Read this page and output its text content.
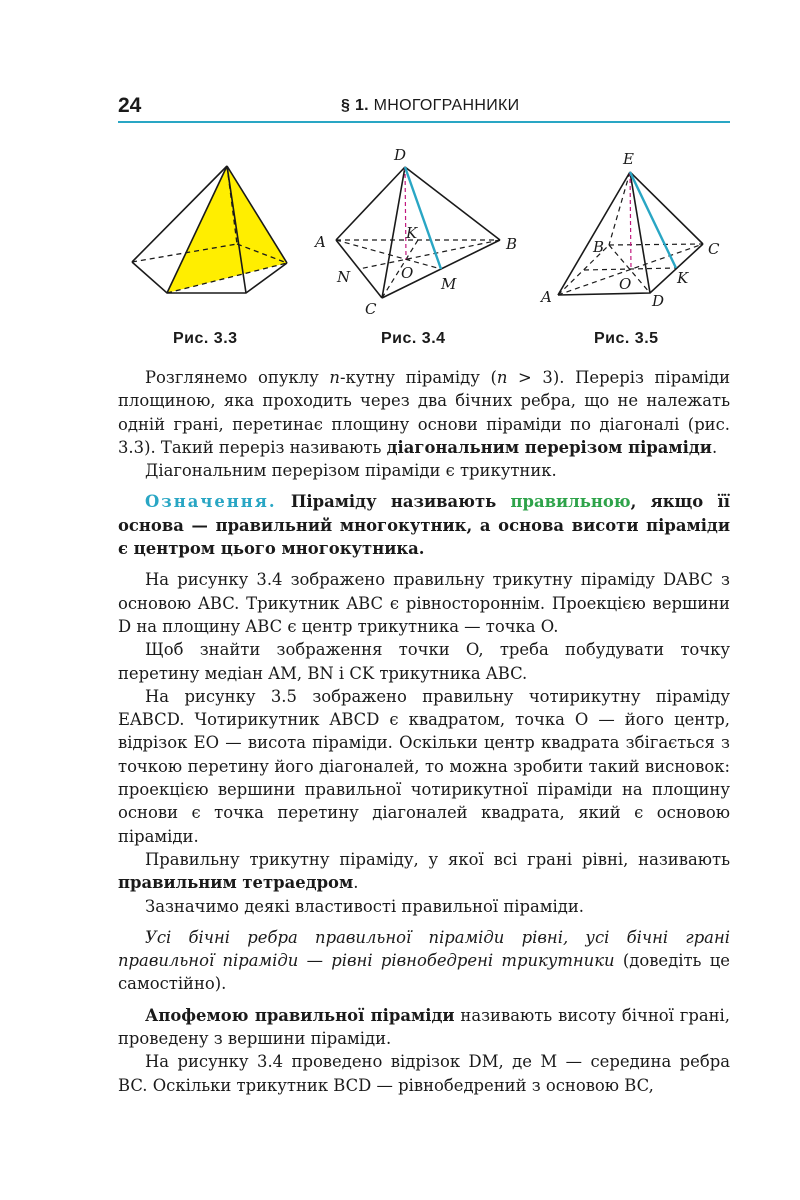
24	§ 1. МНОГОГРАННИКИ
Рис. 3.3
D
A	B
K
O
N	M
C
Рис. 3.4
E
B	C
O	K
A	D
Рис. 3.5

Розглянемо опуклу n-кутну піраміду (n > 3). Переріз піраміди площиною, яка проходить через два бічних ребра, що не належать одній грані, перетинає площину основи піраміди по діагоналі (рис. 3.3). Такий переріз називають діагональним перерізом піраміди.

Діагональним перерізом піраміди є трикутник.

Означення. Піраміду називають правильною, якщо її основа — правильний многокутник, а основа висоти піраміди є центром цього многокутника.

На рисунку 3.4 зображено правильну трикутну піраміду DABC з основою ABC. Трикутник ABC є рівностороннім. Проекцією вершини D на площину ABC є центр трикутника — точка O.

Щоб знайти зображення точки O, треба побудувати точку перетину медіан AM, BN і CK трикутника ABC.

На рисунку 3.5 зображено правильну чотирикутну піраміду EABCD. Чотирикутник ABCD є квадратом, точка O — його центр, відрізок EO — висота піраміди. Оскільки центр квадрата збігається з точкою перетину його діагоналей, то можна зробити такий висновок: проекцією вершини правильної чотирикутної піраміди на площину основи є точка перетину діагоналей квадрата, який є основою піраміди.

Правильну трикутну піраміду, у якої всі грані рівні, називають правильним тетраедром.

Зазначимо деякі властивості правильної піраміди.

Усі бічні ребра правильної піраміди рівні, усі бічні грані правильної піраміди — рівні рівнобедрені трикутники (доведіть це самостійно).

Апофемою правильної піраміди називають висоту бічної грані, проведену з вершини піраміди.

На рисунку 3.4 проведено відрізок DM, де M — середина ребра BC. Оскільки трикутник BCD — рівнобедрений з основою BC,
